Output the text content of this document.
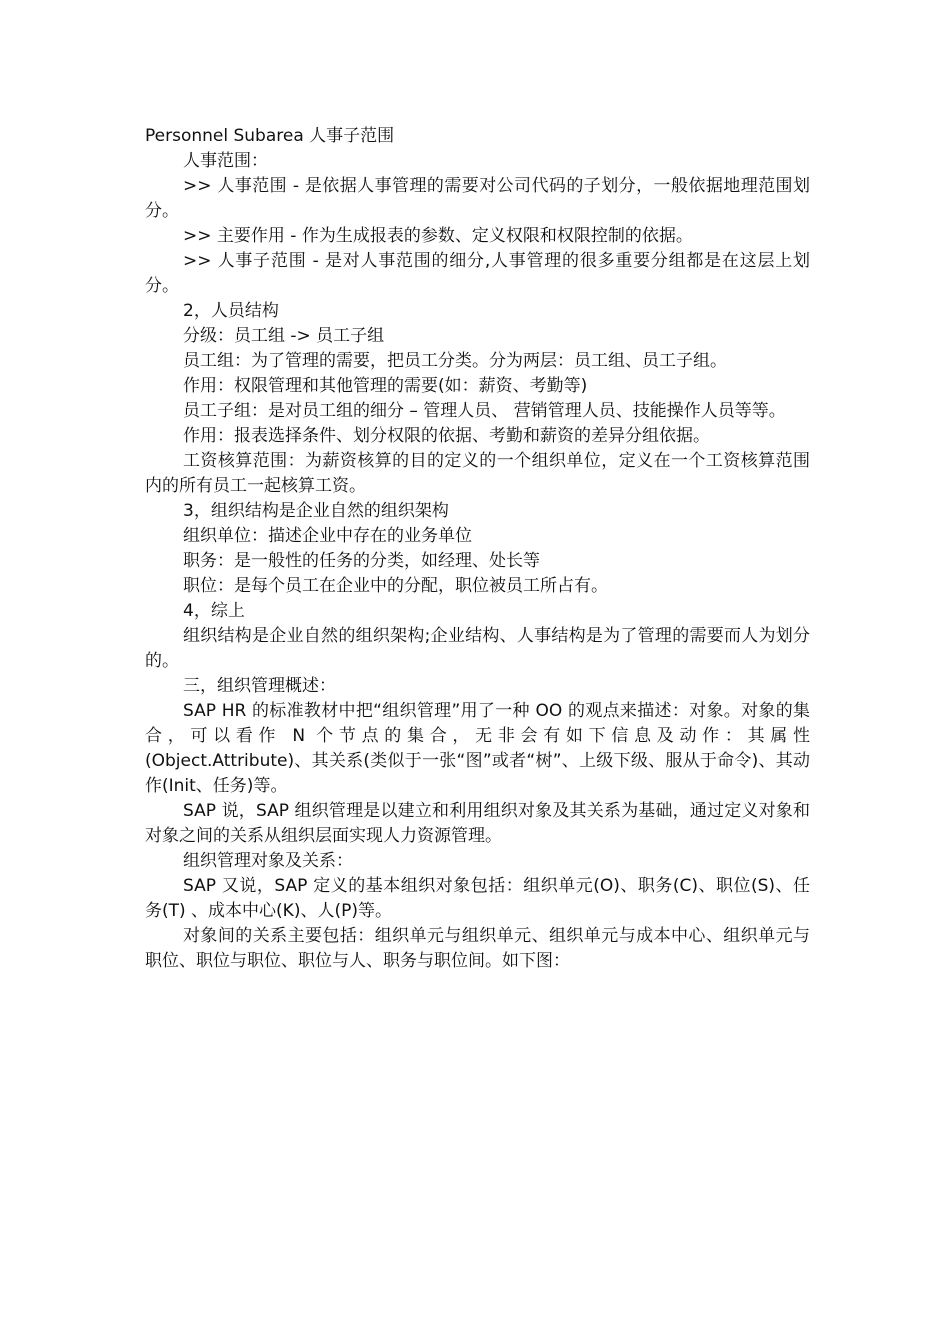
Personnel Subarea 人事子范围

人事范围：

>> 人事范围 - 是依据人事管理的需要对公司代码的子划分，一般依据地理范围划分。

>> 主要作用 - 作为生成报表的参数、定义权限和权限控制的依据。

>> 人事子范围 - 是对人事范围的细分,人事管理的很多重要分组都是在这层上划分。

2，人员结构

分级：员工组 -> 员工子组

员工组：为了管理的需要，把员工分类。分为两层：员工组、员工子组。

作用：权限管理和其他管理的需要(如：薪资、考勤等)

员工子组：是对员工组的细分 – 管理人员、 营销管理人员、技能操作人员等等。

作用：报表选择条件、划分权限的依据、考勤和薪资的差异分组依据。

工资核算范围：为薪资核算的目的定义的一个组织单位，定义在一个工资核算范围内的所有员工一起核算工资。

3，组织结构是企业自然的组织架构

组织单位：描述企业中存在的业务单位

职务：是一般性的任务的分类，如经理、处长等

职位：是每个员工在企业中的分配，职位被员工所占有。

4，综上

组织结构是企业自然的组织架构;企业结构、人事结构是为了管理的需要而人为划分的。

三，组织管理概述：

SAP HR 的标准教材中把“组织管理”用了一种 OO 的观点来描述：对象。对象的集合，可以看作 N 个节点的集合，无非会有如下信息及动作：其属性(Object.Attribute)、其关系(类似于一张“图”或者“树”、上级下级、服从于命令)、其动作(Init、任务)等。

SAP 说，SAP 组织管理是以建立和利用组织对象及其关系为基础，通过定义对象和对象之间的关系从组织层面实现人力资源管理。

组织管理对象及关系：

SAP 又说，SAP 定义的基本组织对象包括：组织单元(O)、职务(C)、职位(S)、任务(T) 、成本中心(K)、人(P)等。

对象间的关系主要包括：组织单元与组织单元、组织单元与成本中心、组织单元与职位、职位与职位、职位与人、职务与职位间。如下图：
